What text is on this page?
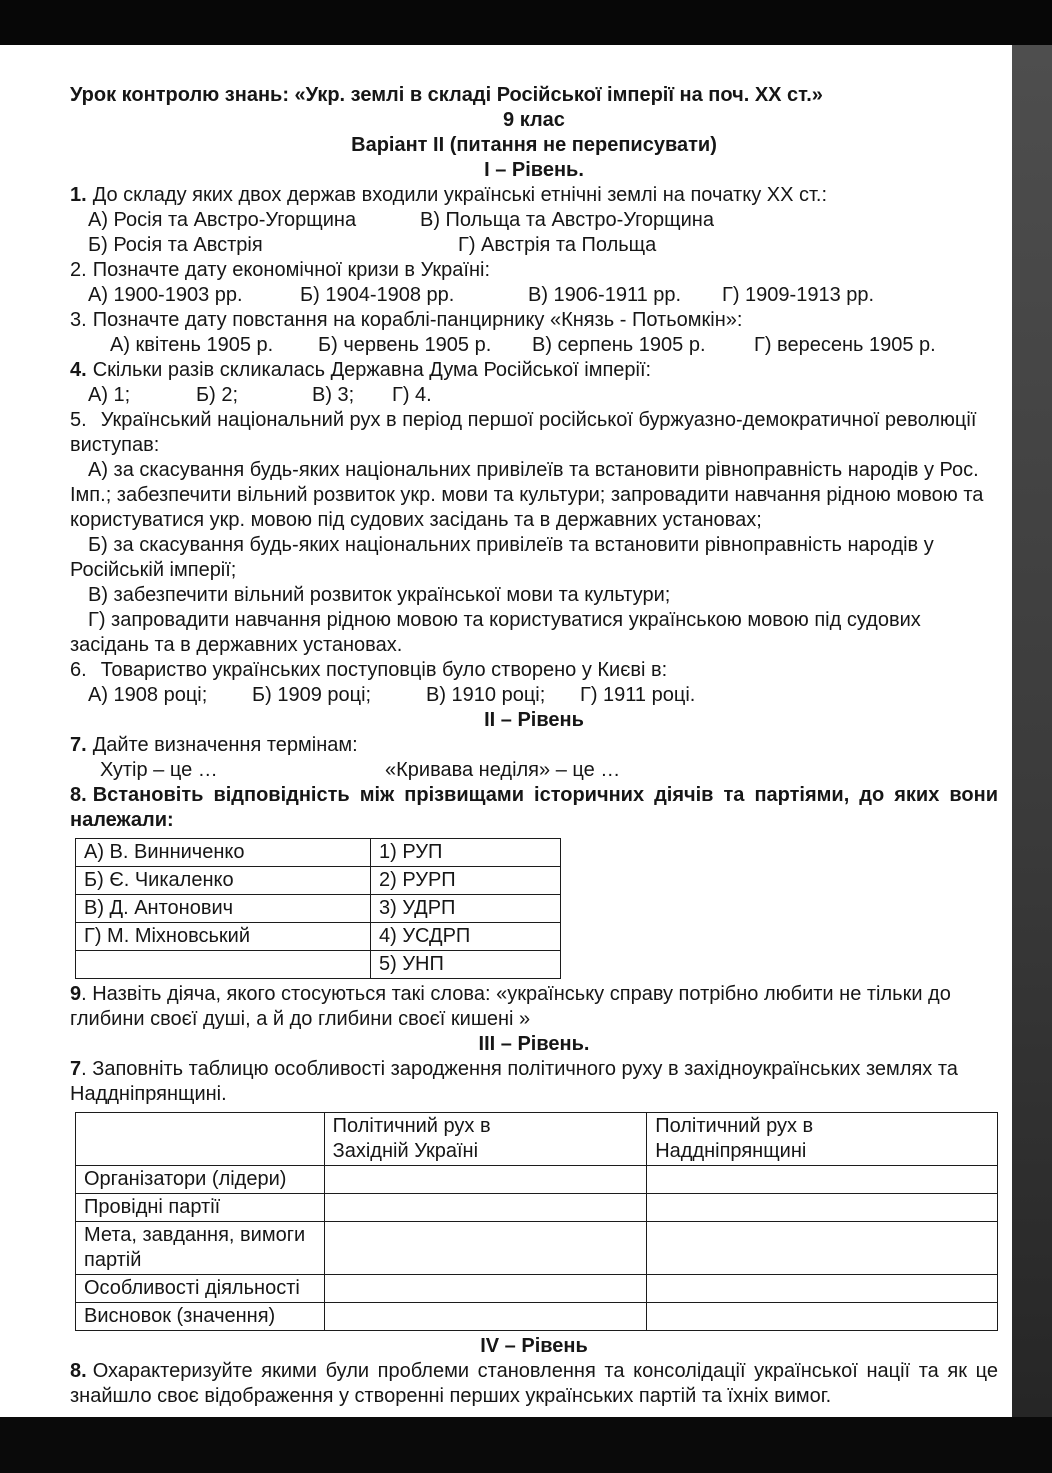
Урок контролю знань: «Укр. землі в складі Російської імперії на поч. ХХ ст.»

9 клас

Варіант II (питання не переписувати)

I – Рівень.

1. До складу яких двох держав входили українські етнічні землі на початку ХХ ст.:

А) Росія та Австро-Угорщина	В) Польща та Австро-Угорщина

Б) Росія та Австрія	Г) Австрія та Польща

2. Позначте дату економічної кризи в Україні:

А) 1900-1903 рр.	Б) 1904-1908 рр.	В) 1906-1911 рр. Г) 1909-1913 рр.

3. Позначте дату повстання на кораблі-панцирнику «Князь - Потьомкін»:

А) квітень 1905 р. Б) червень 1905 р. В) серпень 1905 р. Г) вересень 1905 р.

4. Скільки разів скликалась Державна Дума Російської імперії:

А) 1;	Б) 2;	В) 3; Г) 4.

5. Український національний рух в період першої російської буржуазно-демократичної революції виступав:

А) за скасування будь-яких національних привілеїв та встановити рівноправність народів у Рос. Імп.; забезпечити вільний розвиток укр. мови та культури; запровадити навчання рідною мовою та користуватися укр. мовою під судових засідань та в державних установах;

Б) за скасування будь-яких національних привілеїв та встановити рівноправність народів у Російській імперії;

В) забезпечити вільний розвиток української мови та культури;

Г) запровадити навчання рідною мовою та користуватися українською мовою під судових засідань та в державних установах.

6. Товариство українських поступовців було створено у Києві в:

А) 1908 році; Б) 1909 році;	В) 1910 році; Г) 1911 році.

II – Рівень

7. Дайте визначення термінам:

Хутір – це …	«Кривава неділя» – це …

8. Встановіть відповідність між прізвищами історичних діячів та партіями, до яких вони належали:

А) В. Винниченко	1) РУП
Б) Є. Чикаленко	2) РУРП
В) Д. Антонович	3) УДРП
Г) М. Міхновський	4) УСДРП
	5) УНП

9. Назвіть діяча, якого стосуються такі слова: «українську справу потрібно любити не тільки до глибини своєї душі, а й до глибини своєї кишені »

III – Рівень.

7. Заповніть таблицю особливості зародження політичного руху в західноукраїнських землях та Наддніпрянщині.

	Політичний рух в Західній Україні	Політичний рух в Наддніпрянщині
Організатори (лідери)		
Провідні партії		
Мета, завдання, вимоги партій		
Особливості діяльності		
Висновок (значення)		

IV – Рівень

8. Охарактеризуйте якими були проблеми становлення та консолідації української нації та як це знайшло своє відображення у створенні перших українських партій та їхніх вимог.
